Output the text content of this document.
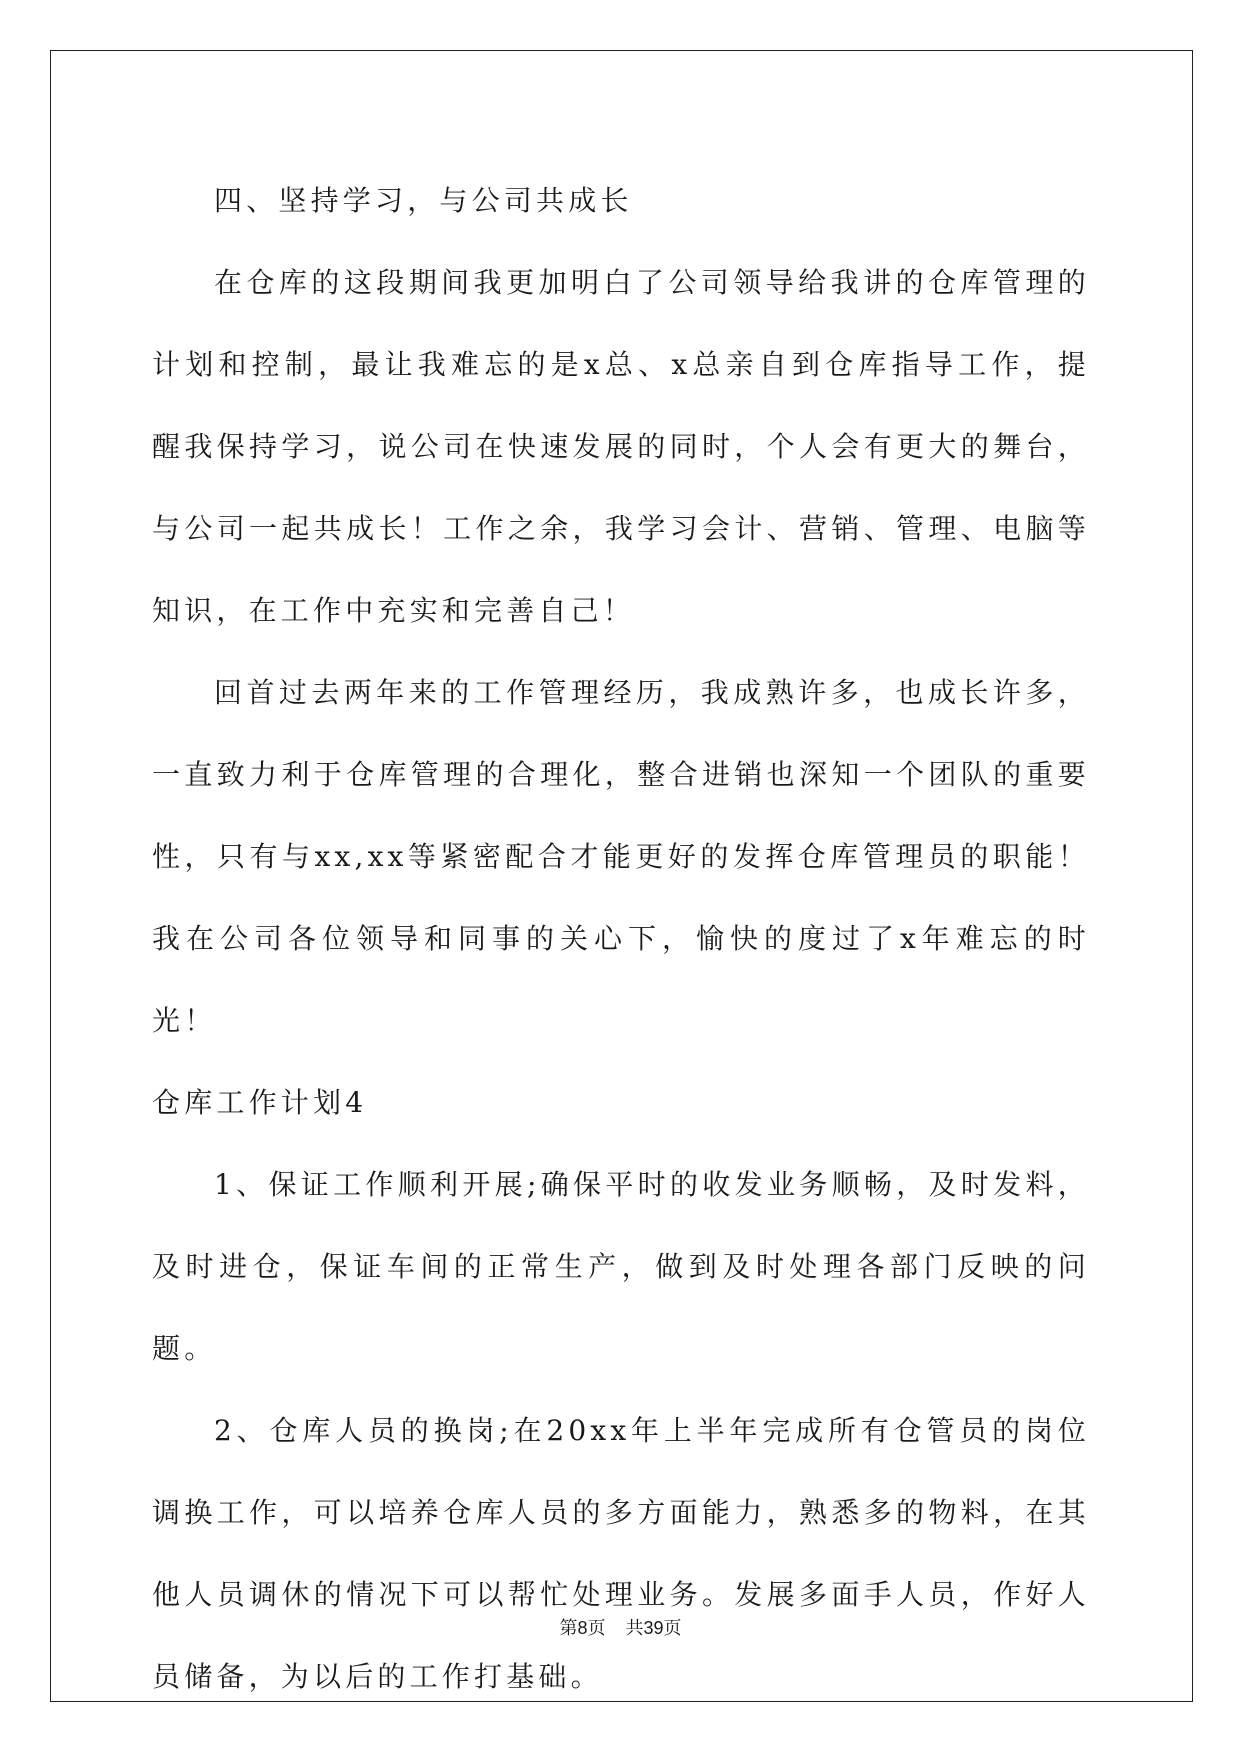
四、坚持学习，与公司共成长

在仓库的这段期间我更加明白了公司领导给我讲的仓库管理的计划和控制，最让我难忘的是x总、x总亲自到仓库指导工作，提醒我保持学习，说公司在快速发展的同时，个人会有更大的舞台，与公司一起共成长！工作之余，我学习会计、营销、管理、电脑等知识，在工作中充实和完善自己！

回首过去两年来的工作管理经历，我成熟许多，也成长许多，一直致力利于仓库管理的合理化，整合进销也深知一个团队的重要性，只有与xx,xx等紧密配合才能更好的发挥仓库管理员的职能！我在公司各位领导和同事的关心下，愉快的度过了x年难忘的时光！

仓库工作计划4

1、保证工作顺利开展;确保平时的收发业务顺畅，及时发料，及时进仓，保证车间的正常生产，做到及时处理各部门反映的问题。

2、仓库人员的换岗;在20xx年上半年完成所有仓管员的岗位调换工作，可以培养仓库人员的多方面能力，熟悉多的物料，在其他人员调休的情况下可以帮忙处理业务。发展多面手人员，作好人员储备，为以后的工作打基础。

第8页 共39页
